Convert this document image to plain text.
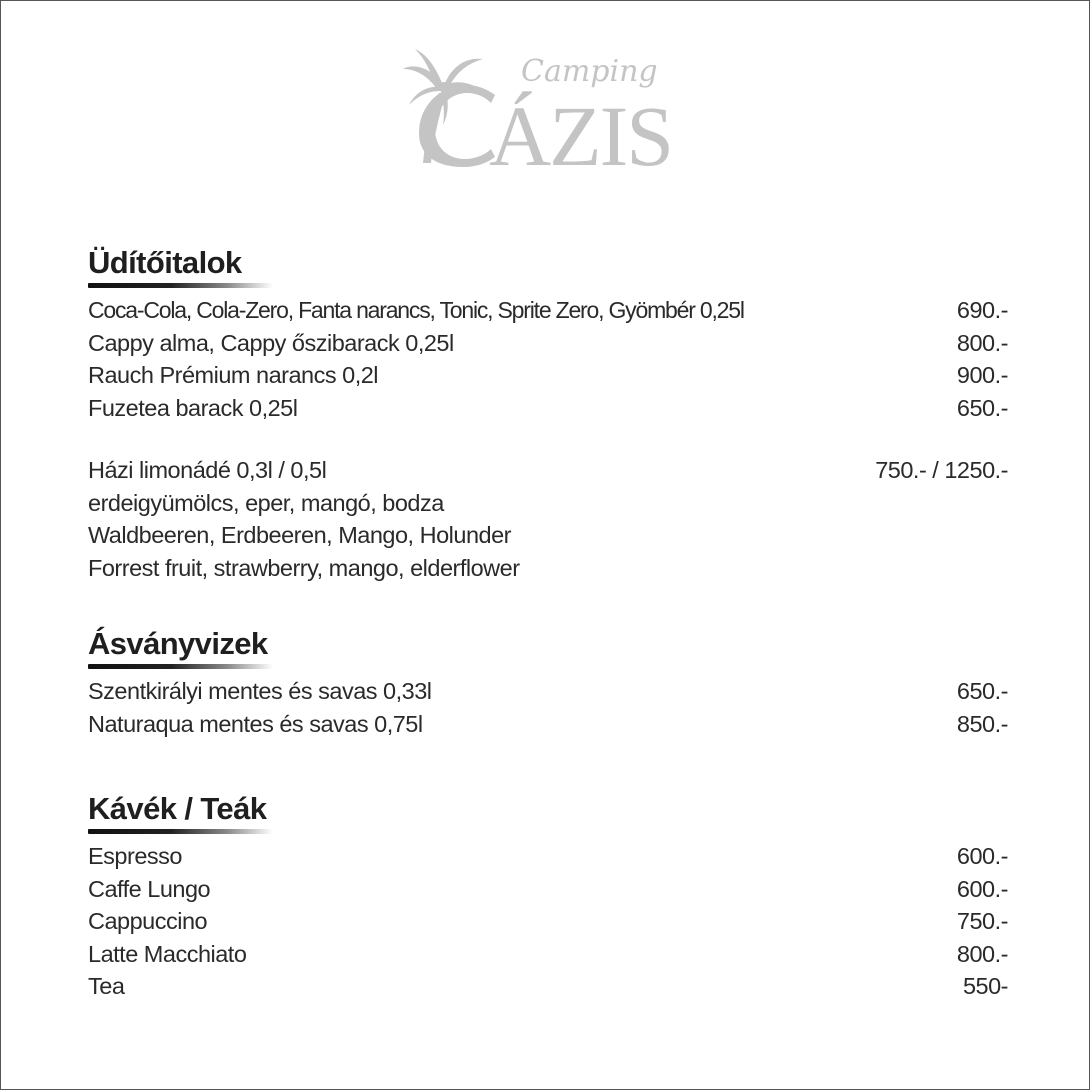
Camping
ÁZIS
Üdítőitalok
Coca-Cola, Cola-Zero, Fanta narancs, Tonic, Sprite Zero, Gyömbér 0,25l	690.-
Cappy alma, Cappy őszibarack 0,25l	800.-
Rauch Prémium narancs 0,2l	900.-
Fuzetea barack 0,25l	650.-
Házi limonádé 0,3l / 0,5l	750.- / 1250.-
erdeigyümölcs, eper, mangó, bodza
Waldbeeren, Erdbeeren, Mango, Holunder
Forrest fruit, strawberry, mango, elderflower
Ásványvizek
Szentkirályi mentes és savas 0,33l	650.-
Naturaqua mentes és savas 0,75l	850.-
Kávék / Teák
Espresso	600.-
Caffe Lungo	600.-
Cappuccino	750.-
Latte Macchiato	800.-
Tea	550-
